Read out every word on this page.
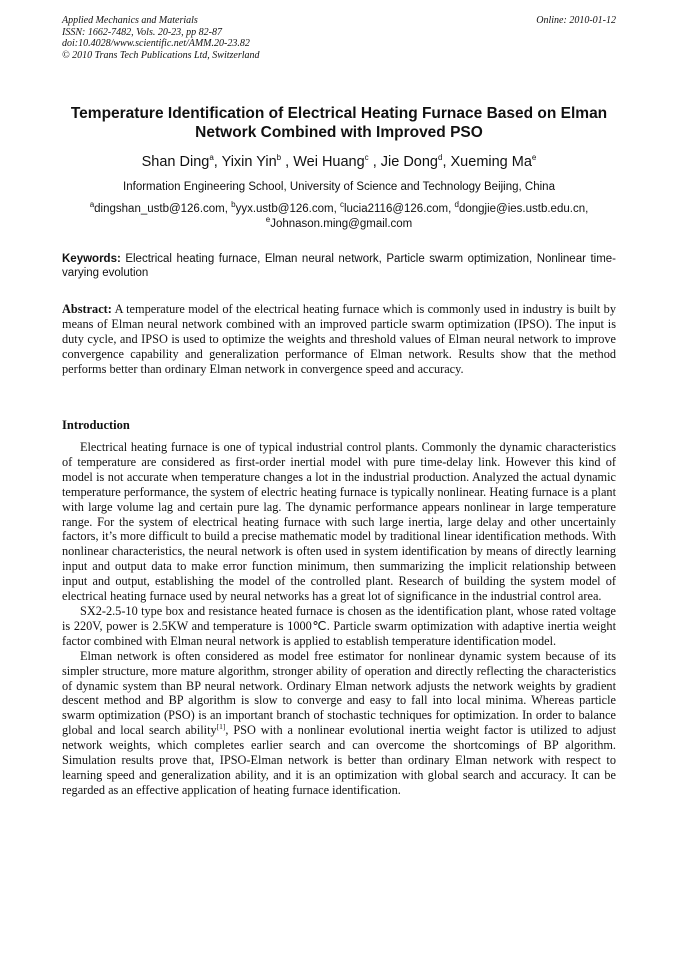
Applied Mechanics and Materials
ISSN: 1662-7482, Vols. 20-23, pp 82-87
doi:10.4028/www.scientific.net/AMM.20-23.82
© 2010 Trans Tech Publications Ltd, Switzerland
Online: 2010-01-12
Temperature Identification of Electrical Heating Furnace Based on Elman Network Combined with Improved PSO
Shan Ding$^a$, Yixin Yin$^b$ , Wei Huang$^c$ , Jie Dong$^d$, Xueming Ma$^e$
Information Engineering School, University of Science and Technology Beijing, China
$^a$dingshan_ustb@126.com, $^b$yyx.ustb@126.com, $^c$lucia2116@126.com, $^d$dongjie@ies.ustb.edu.cn,
$^e$Johnason.ming@gmail.com
Keywords: Electrical heating furnace, Elman neural network, Particle swarm optimization, Nonlinear time-varying evolution
Abstract: A temperature model of the electrical heating furnace which is commonly used in industry is built by means of Elman neural network combined with an improved particle swarm optimization (IPSO). The input is duty cycle, and IPSO is used to optimize the weights and threshold values of Elman neural network to improve convergence capability and generalization performance of Elman network. Results show that the method performs better than ordinary Elman network in convergence speed and accuracy.
Introduction

Electrical heating furnace is one of typical industrial control plants. Commonly the dynamic characteristics of temperature are considered as first-order inertial model with pure time-delay link. However this kind of model is not accurate when temperature changes a lot in the industrial production. Analyzed the actual dynamic temperature performance, the system of electric heating furnace is typically nonlinear. Heating furnace is a plant with large volume lag and certain pure lag. The dynamic performance appears nonlinear in large temperature range. For the system of electrical heating furnace with such large inertia, large delay and other uncertainly factors, it’s more difficult to build a precise mathematic model by traditional linear identification methods. With nonlinear characteristics, the neural network is often used in system identification by means of directly learning input and output data to make error function minimum, then summarizing the implicit relationship between input and output, establishing the model of the controlled plant. Research of building the system model of electrical heating furnace used by neural networks has a great lot of significance in the industrial control area.

SX2-2.5-10 type box and resistance heated furnace is chosen as the identification plant, whose rated voltage is 220V, power is 2.5KW and temperature is 1000℃. Particle swarm optimization with adaptive inertia weight factor combined with Elman neural network is applied to establish temperature identification model.

Elman network is often considered as model free estimator for nonlinear dynamic system because of its simpler structure, more mature algorithm, stronger ability of operation and directly reflecting the characteristics of dynamic system than BP neural network. Ordinary Elman network adjusts the network weights by gradient descent method and BP algorithm is slow to converge and easy to fall into local minima. Whereas particle swarm optimization (PSO) is an important branch of stochastic techniques for optimization. In order to balance global and local search ability[1], PSO with a nonlinear evolutional inertia weight factor is utilized to adjust network weights, which completes earlier search and can overcome the shortcomings of BP algorithm. Simulation results prove that, IPSO-Elman network is better than ordinary Elman network with respect to learning speed and generalization ability, and it is an optimization with global search and accuracy. It can be regarded as an effective application of heating furnace identification.
